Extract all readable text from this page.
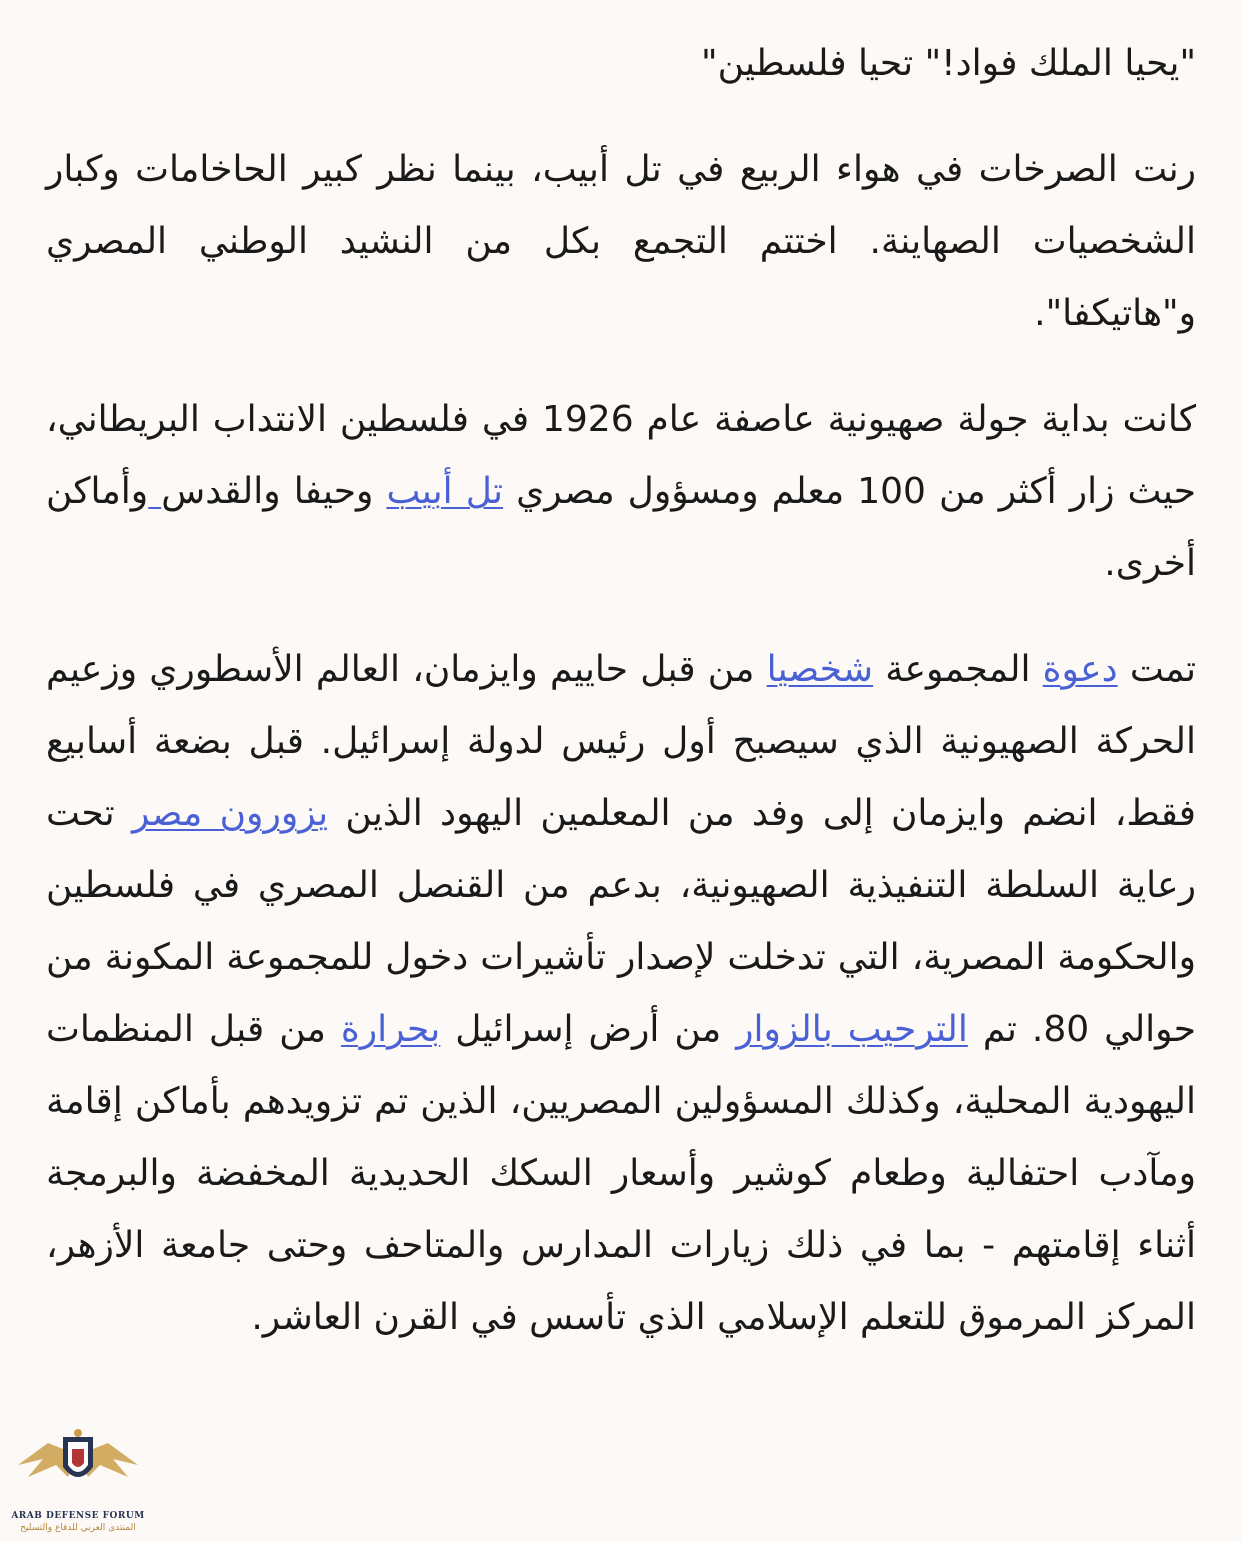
"يحيا الملك فواد!" تحيا فلسطين"

رنت الصرخات في هواء الربيع في تل أبيب، بينما نظر كبير الحاخامات وكبار الشخصيات الصهاينة. اختتم التجمع بكل من النشيد الوطني المصري و"هاتيكفا".

كانت بداية جولة صهيونية عاصفة عام 1926 في فلسطين الانتداب البريطاني، حيث زار أكثر من 100 معلم ومسؤول مصري تل أبيب وحيفا والقدس وأماكن أخرى.

تمت دعوة المجموعة شخصيا من قبل حاييم وايزمان، العالم الأسطوري وزعيم الحركة الصهيونية الذي سيصبح أول رئيس لدولة إسرائيل. قبل بضعة أسابيع فقط، انضم وايزمان إلى وفد من المعلمين اليهود الذين يزورون مصر تحت رعاية السلطة التنفيذية الصهيونية، بدعم من القنصل المصري في فلسطين والحكومة المصرية، التي تدخلت لإصدار تأشيرات دخول للمجموعة المكونة من حوالي 80. تم الترحيب بالزوار من أرض إسرائيل بحرارة من قبل المنظمات اليهودية المحلية، وكذلك المسؤولين المصريين، الذين تم تزويدهم بأماكن إقامة ومآدب احتفالية وطعام كوشير وأسعار السكك الحديدية المخفضة والبرمجة أثناء إقامتهم - بما في ذلك زيارات المدارس والمتاحف وحتى جامعة الأزهر، المركز المرموق للتعلم الإسلامي الذي تأسس في القرن العاشر.

ARAB DEFENSE FORUM
المنتدى العربي للدفاع والتسليح
